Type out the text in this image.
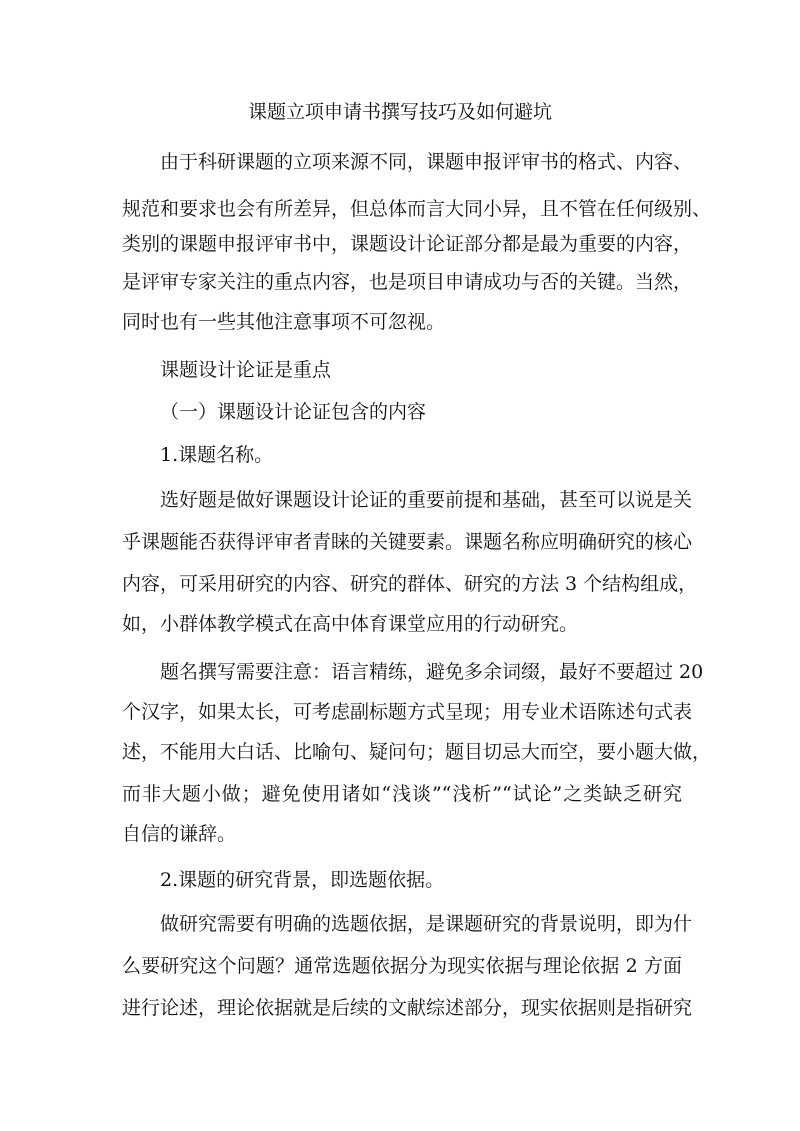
课题立项申请书撰写技巧及如何避坑
由于科研课题的立项来源不同，课题申报评审书的格式、内容、
规范和要求也会有所差异，但总体而言大同小异，且不管在任何级别、
类别的课题申报评审书中，课题设计论证部分都是最为重要的内容，
是评审专家关注的重点内容，也是项目申请成功与否的关键。当然，
同时也有一些其他注意事项不可忽视。
课题设计论证是重点
（一）课题设计论证包含的内容
1.课题名称。
选好题是做好课题设计论证的重要前提和基础，甚至可以说是关
乎课题能否获得评审者青睐的关键要素。课题名称应明确研究的核心
内容，可采用研究的内容、研究的群体、研究的方法 3 个结构组成，
如，小群体教学模式在高中体育课堂应用的行动研究。
题名撰写需要注意：语言精练，避免多余词缀，最好不要超过 20
个汉字，如果太长，可考虑副标题方式呈现；用专业术语陈述句式表
述，不能用大白话、比喻句、疑问句；题目切忌大而空，要小题大做，
而非大题小做；避免使用诸如“浅谈”“浅析”“试论”之类缺乏研究
自信的谦辞。
2.课题的研究背景，即选题依据。
做研究需要有明确的选题依据，是课题研究的背景说明，即为什
么要研究这个问题？通常选题依据分为现实依据与理论依据 2 方面
进行论述，理论依据就是后续的文献综述部分，现实依据则是指研究
